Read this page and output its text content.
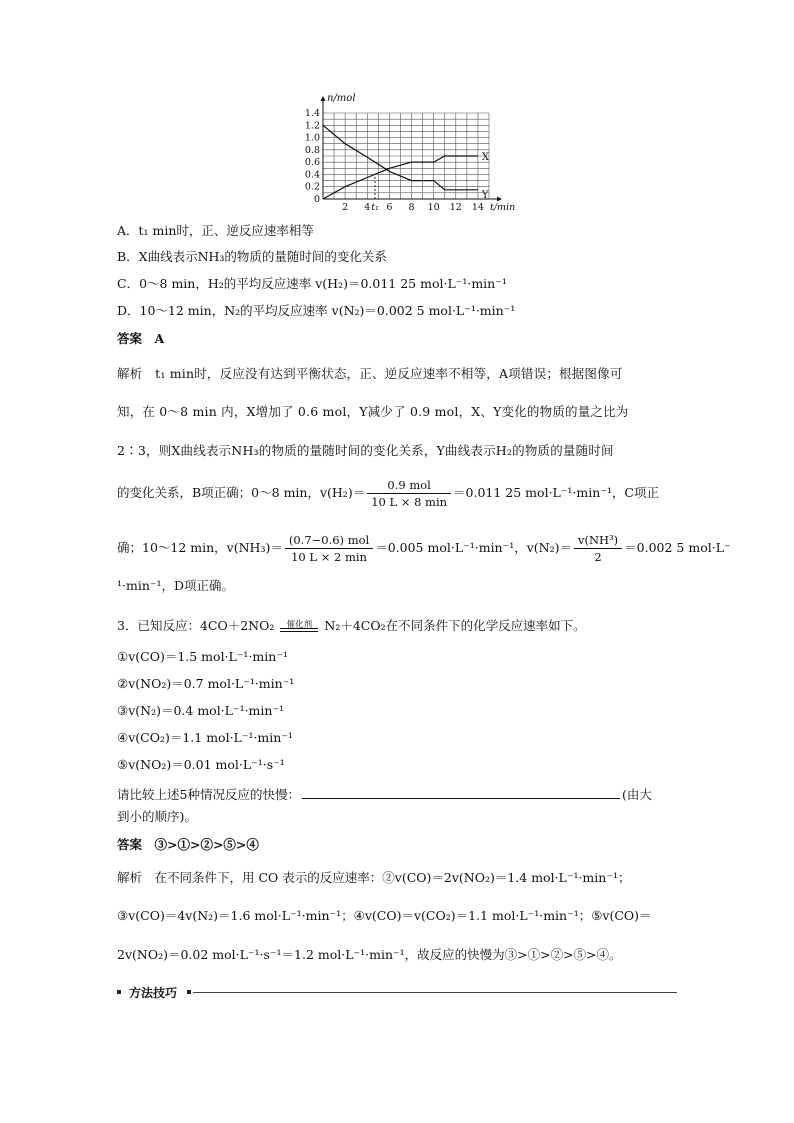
1.4
1.2
1.0
0.8
0.6
0.4
0.2
0
2 4 t₁ 6 8 10 12 14
n/mol
t/min
X
Y
A．t₁ min时，正、逆反应速率相等
B．X曲线表示NH₃的物质的量随时间的变化关系
C．0～8 min，H₂的平均反应速率 v(H₂)＝0.011 25 mol·L⁻¹·min⁻¹
D．10～12 min，N₂的平均反应速率 v(N₂)＝0.002 5 mol·L⁻¹·min⁻¹
答案　A
解析　t₁ min时，反应没有达到平衡状态，正、逆反应速率不相等，A项错误；根据图像可
知，在 0～8 min 内，X增加了 0.6 mol，Y减少了 0.9 mol，X、Y变化的物质的量之比为
2∶3，则X曲线表示NH₃的物质的量随时间的变化关系，Y曲线表示H₂的物质的量随时间
的变化关系，B项正确；0～8 min，$v(H_2)= \frac{\text{0.9 mol}}{10 L \times 8 \min} =0.011$ 25 mol·L⁻¹·min⁻¹，C项正
确；10～12 min，$v(NH_3)= \frac{\text{(0.7−0.6) mol}}{10 L \times 2 \min} =0.005$ mol·L⁻¹·min⁻¹，$v(N_2)= \frac{\text{v(NH³)}}{2} =0.002$ 5 mol·L⁻
¹·min⁻¹，D项正确。
3．已知反应：4CO＋2NO₂	催化剂 N₂＋4CO₂在不同条件下的化学反应速率如下。
①v(CO)＝1.5 mol·L⁻¹·min⁻¹
②v(NO₂)＝0.7 mol·L⁻¹·min⁻¹
③v(N₂)＝0.4 mol·L⁻¹·min⁻¹
④v(CO₂)＝1.1 mol·L⁻¹·min⁻¹
⑤v(NO₂)＝0.01 mol·L⁻¹·s⁻¹
请比较上述5种情况反应的快慢：	(由大
到小的顺序)。
答案　③>①>②>⑤>④
解析　在不同条件下，用 CO 表示的反应速率：②v(CO)＝2v(NO₂)＝1.4 mol·L⁻¹·min⁻¹；
③v(CO)＝4v(N₂)＝1.6 mol·L⁻¹·min⁻¹；④v(CO)＝v(CO₂)＝1.1 mol·L⁻¹·min⁻¹；⑤v(CO)＝
2v(NO₂)＝0.02 mol·L⁻¹·s⁻¹＝1.2 mol·L⁻¹·min⁻¹，故反应的快慢为③>①>②>⑤>④。
方法技巧
